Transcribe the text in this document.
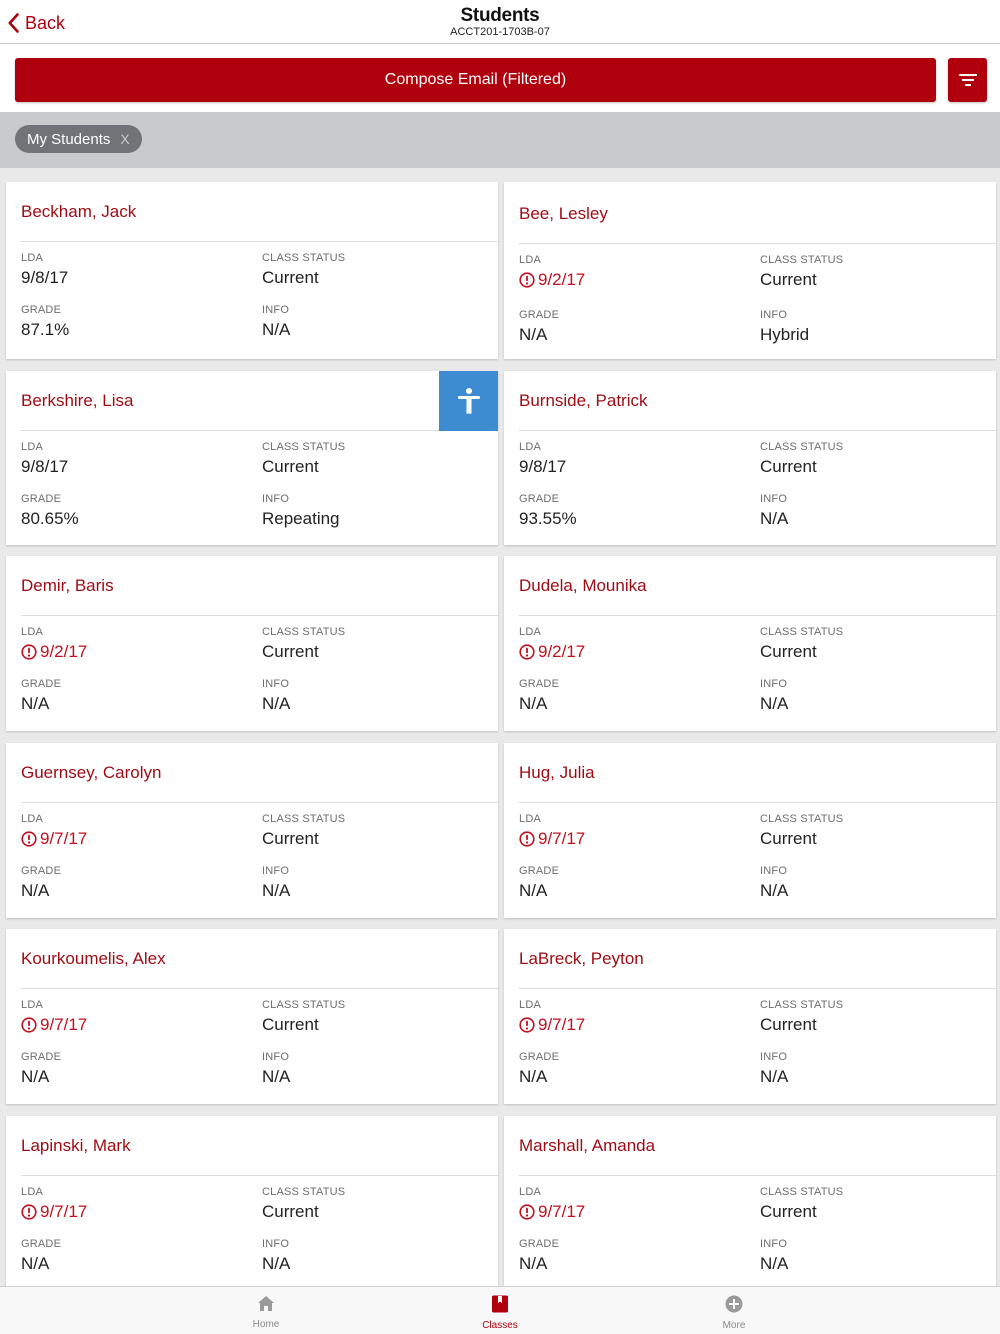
Back	Students
ACCT201-1703B-07
Compose Email (Filtered)
My Students X
Beckham, Jack
LDA	CLASS STATUS
9/8/17	Current
GRADE	INFO
87.1%	N/A
Bee, Lesley
LDA	CLASS STATUS
9/2/17	Current
GRADE	INFO
N/A	Hybrid
Berkshire, Lisa
LDA	CLASS STATUS
9/8/17	Current
GRADE	INFO
80.65%	Repeating
Burnside, Patrick
LDA	CLASS STATUS
9/8/17	Current
GRADE	INFO
93.55%	N/A
Demir, Baris
LDA	CLASS STATUS
9/2/17	Current
GRADE	INFO
N/A	N/A
Dudela, Mounika
LDA	CLASS STATUS
9/2/17	Current
GRADE	INFO
N/A	N/A
Guernsey, Carolyn
LDA	CLASS STATUS
9/7/17	Current
GRADE	INFO
N/A	N/A
Hug, Julia
LDA	CLASS STATUS
9/7/17	Current
GRADE	INFO
N/A	N/A
Kourkoumelis, Alex
LDA	CLASS STATUS
9/7/17	Current
GRADE	INFO
N/A	N/A
LaBreck, Peyton
LDA	CLASS STATUS
9/7/17	Current
GRADE	INFO
N/A	N/A
Lapinski, Mark
LDA	CLASS STATUS
9/7/17	Current
GRADE	INFO
N/A	N/A
Marshall, Amanda
LDA	CLASS STATUS
9/7/17	Current
GRADE	INFO
N/A	N/A
Home	Classes	More
